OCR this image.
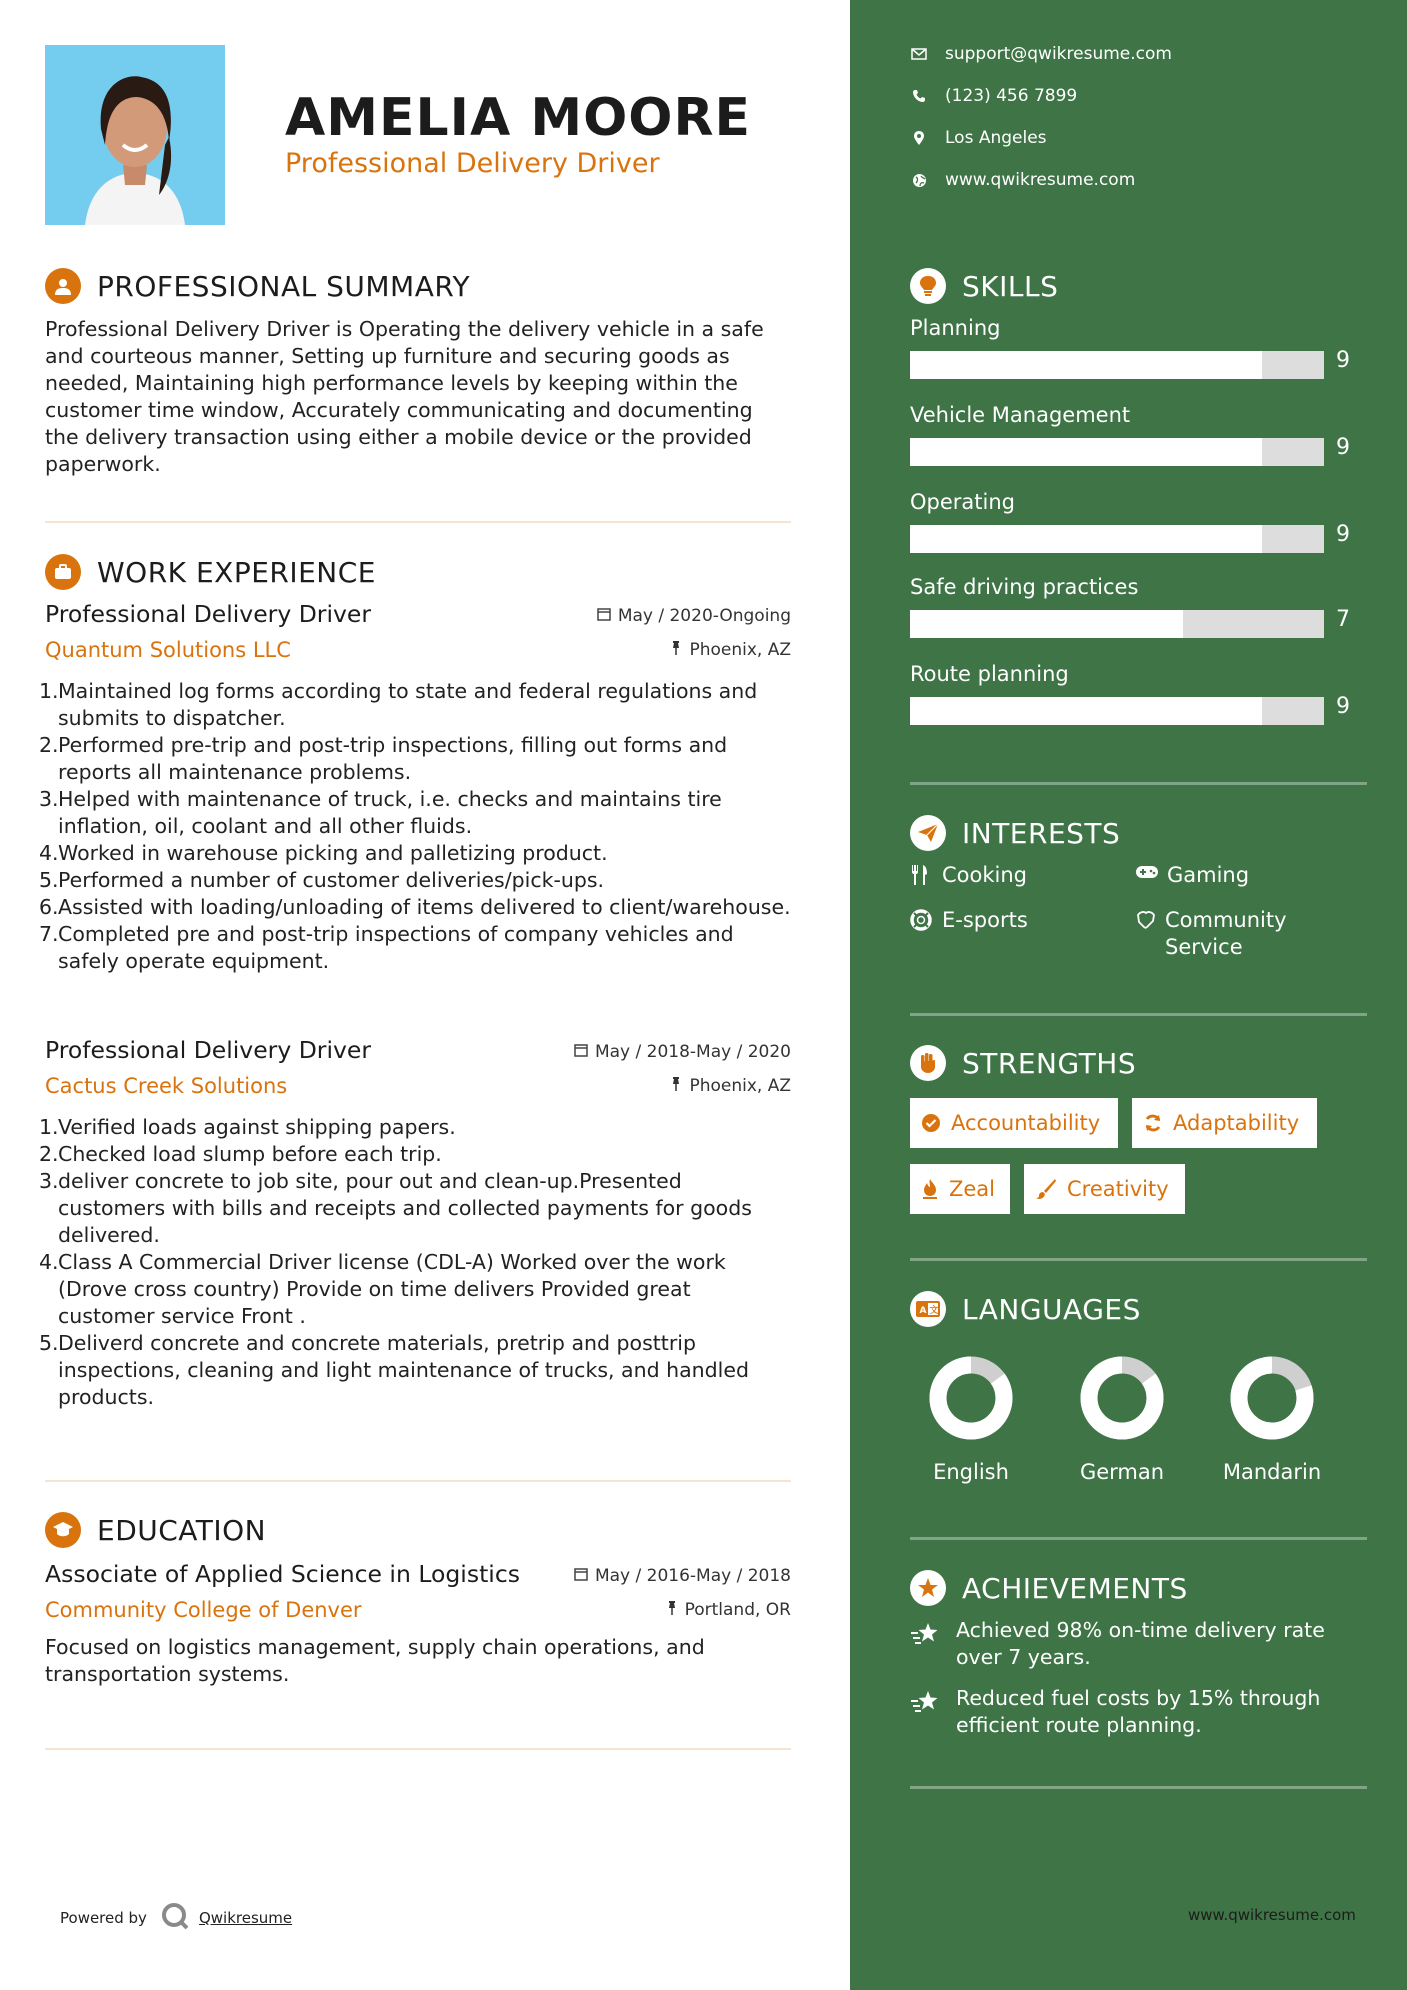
AMELIA MOORE
Professional Delivery Driver
PROFESSIONAL SUMMARY
Professional Delivery Driver is Operating the delivery vehicle in a safe and courteous manner, Setting up furniture and securing goods as needed, Maintaining high performance levels by keeping within the customer time window, Accurately communicating and documenting the delivery transaction using either a mobile device or the provided paperwork.
WORK EXPERIENCE
Professional Delivery Driver
Quantum Solutions LLC
May / 2020-Ongoing
Phoenix, AZ
1. Maintained log forms according to state and federal regulations and submits to dispatcher.
2. Performed pre-trip and post-trip inspections, filling out forms and reports all maintenance problems.
3. Helped with maintenance of truck, i.e. checks and maintains tire inflation, oil, coolant and all other fluids.
4. Worked in warehouse picking and palletizing product.
5. Performed a number of customer deliveries/pick-ups.
6. Assisted with loading/unloading of items delivered to client/warehouse.
7. Completed pre and post-trip inspections of company vehicles and safely operate equipment.
Professional Delivery Driver
Cactus Creek Solutions
May / 2018-May / 2020
Phoenix, AZ
1. Verified loads against shipping papers.
2. Checked load slump before each trip.
3. deliver concrete to job site, pour out and clean-up.Presented customers with bills and receipts and collected payments for goods delivered.
4. Class A Commercial Driver license (CDL-A) Worked over the work (Drove cross country) Provide on time delivers Provided great customer service Front .
5. Deliverd concrete and concrete materials, pretrip and posttrip inspections, cleaning and light maintenance of trucks, and handled products.
EDUCATION
Associate of Applied Science in Logistics
Community College of Denver
May / 2016-May / 2018
Portland, OR
Focused on logistics management, supply chain operations, and transportation systems.
Powered by	Qwikresume
support@qwikresume.com
(123) 456 7899
Los Angeles
www.qwikresume.com
SKILLS
Planning
9
Vehicle Management
9
Operating
9
Safe driving practices
7
Route planning
9
INTERESTS
Cooking	Gaming
E-sports	Community Service
STRENGTHS
Accountability	Adaptability
Zeal	Creativity
A 文 LANGUAGES
English	German	Mandarin
ACHIEVEMENTS
Achieved 98% on-time delivery rate over 7 years.
Reduced fuel costs by 15% through efficient route planning.
www.qwikresume.com
